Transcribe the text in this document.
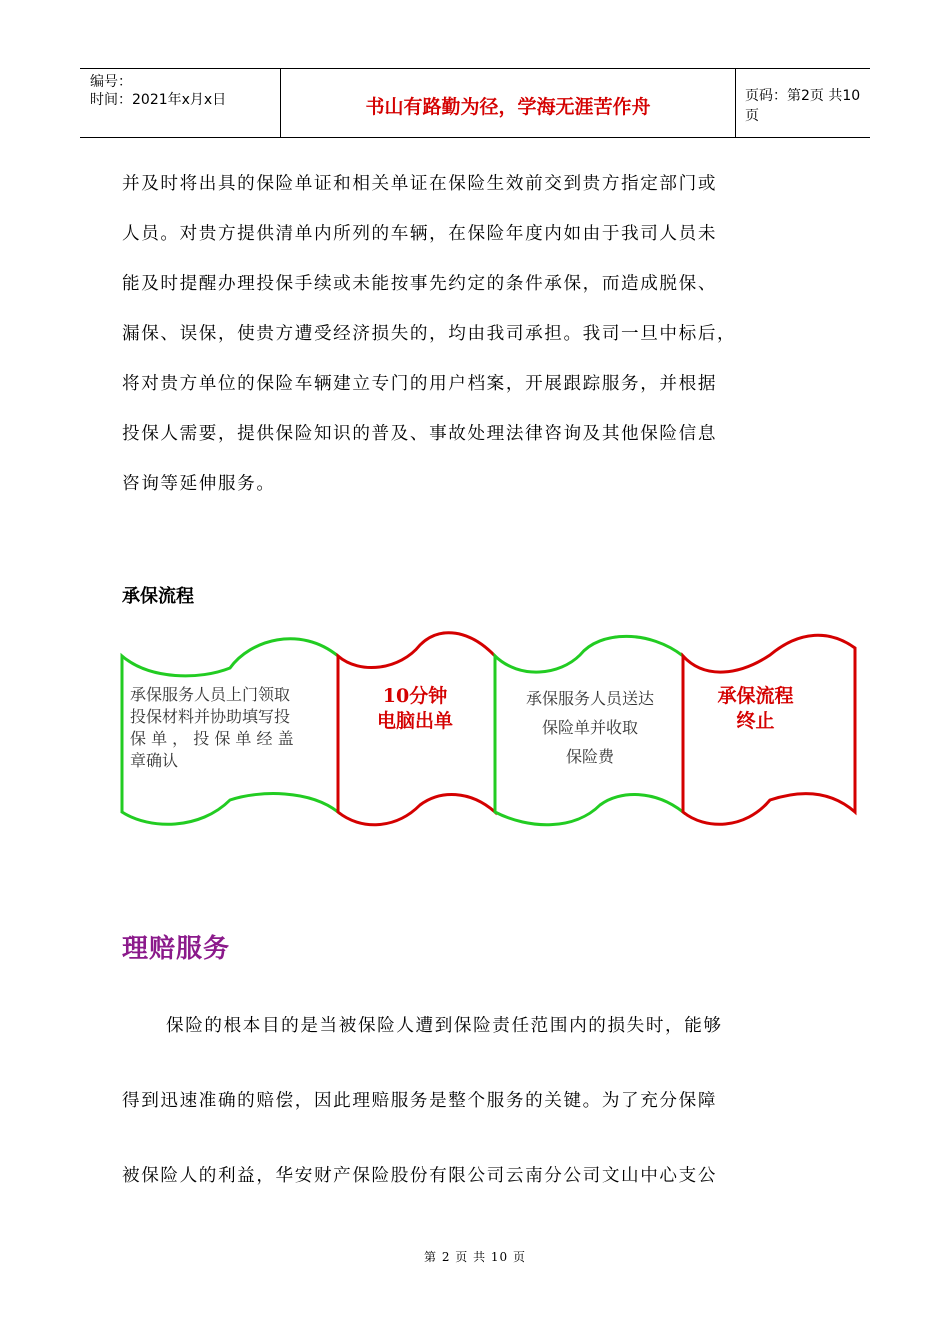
编号：
时间：2021年x月x日	书山有路勤为径，学海无涯苦作舟	页码：第2页 共10页
并及时将出具的保险单证和相关单证在保险生效前交到贵方指定部门或
人员。对贵方提供清单内所列的车辆，在保险年度内如由于我司人员未
能及时提醒办理投保手续或未能按事先约定的条件承保，而造成脱保、
漏保、误保，使贵方遭受经济损失的，均由我司承担。我司一旦中标后，
将对贵方单位的保险车辆建立专门的用户档案，开展跟踪服务，并根据
投保人需要，提供保险知识的普及、事故处理法律咨询及其他保险信息
咨询等延伸服务。
承保流程
承保服务人员上门领取
投保材料并协助填写投
保 单 ， 投 保 单 经 盖
章确认
10分钟
电脑出单
承保服务人员送达
保险单并收取
保险费
承保流程
终止
理赔服务
保险的根本目的是当被保险人遭到保险责任范围内的损失时，能够
得到迅速准确的赔偿，因此理赔服务是整个服务的关键。为了充分保障
被保险人的利益，华安财产保险股份有限公司云南分公司文山中心支公
第 2 页 共 10 页
